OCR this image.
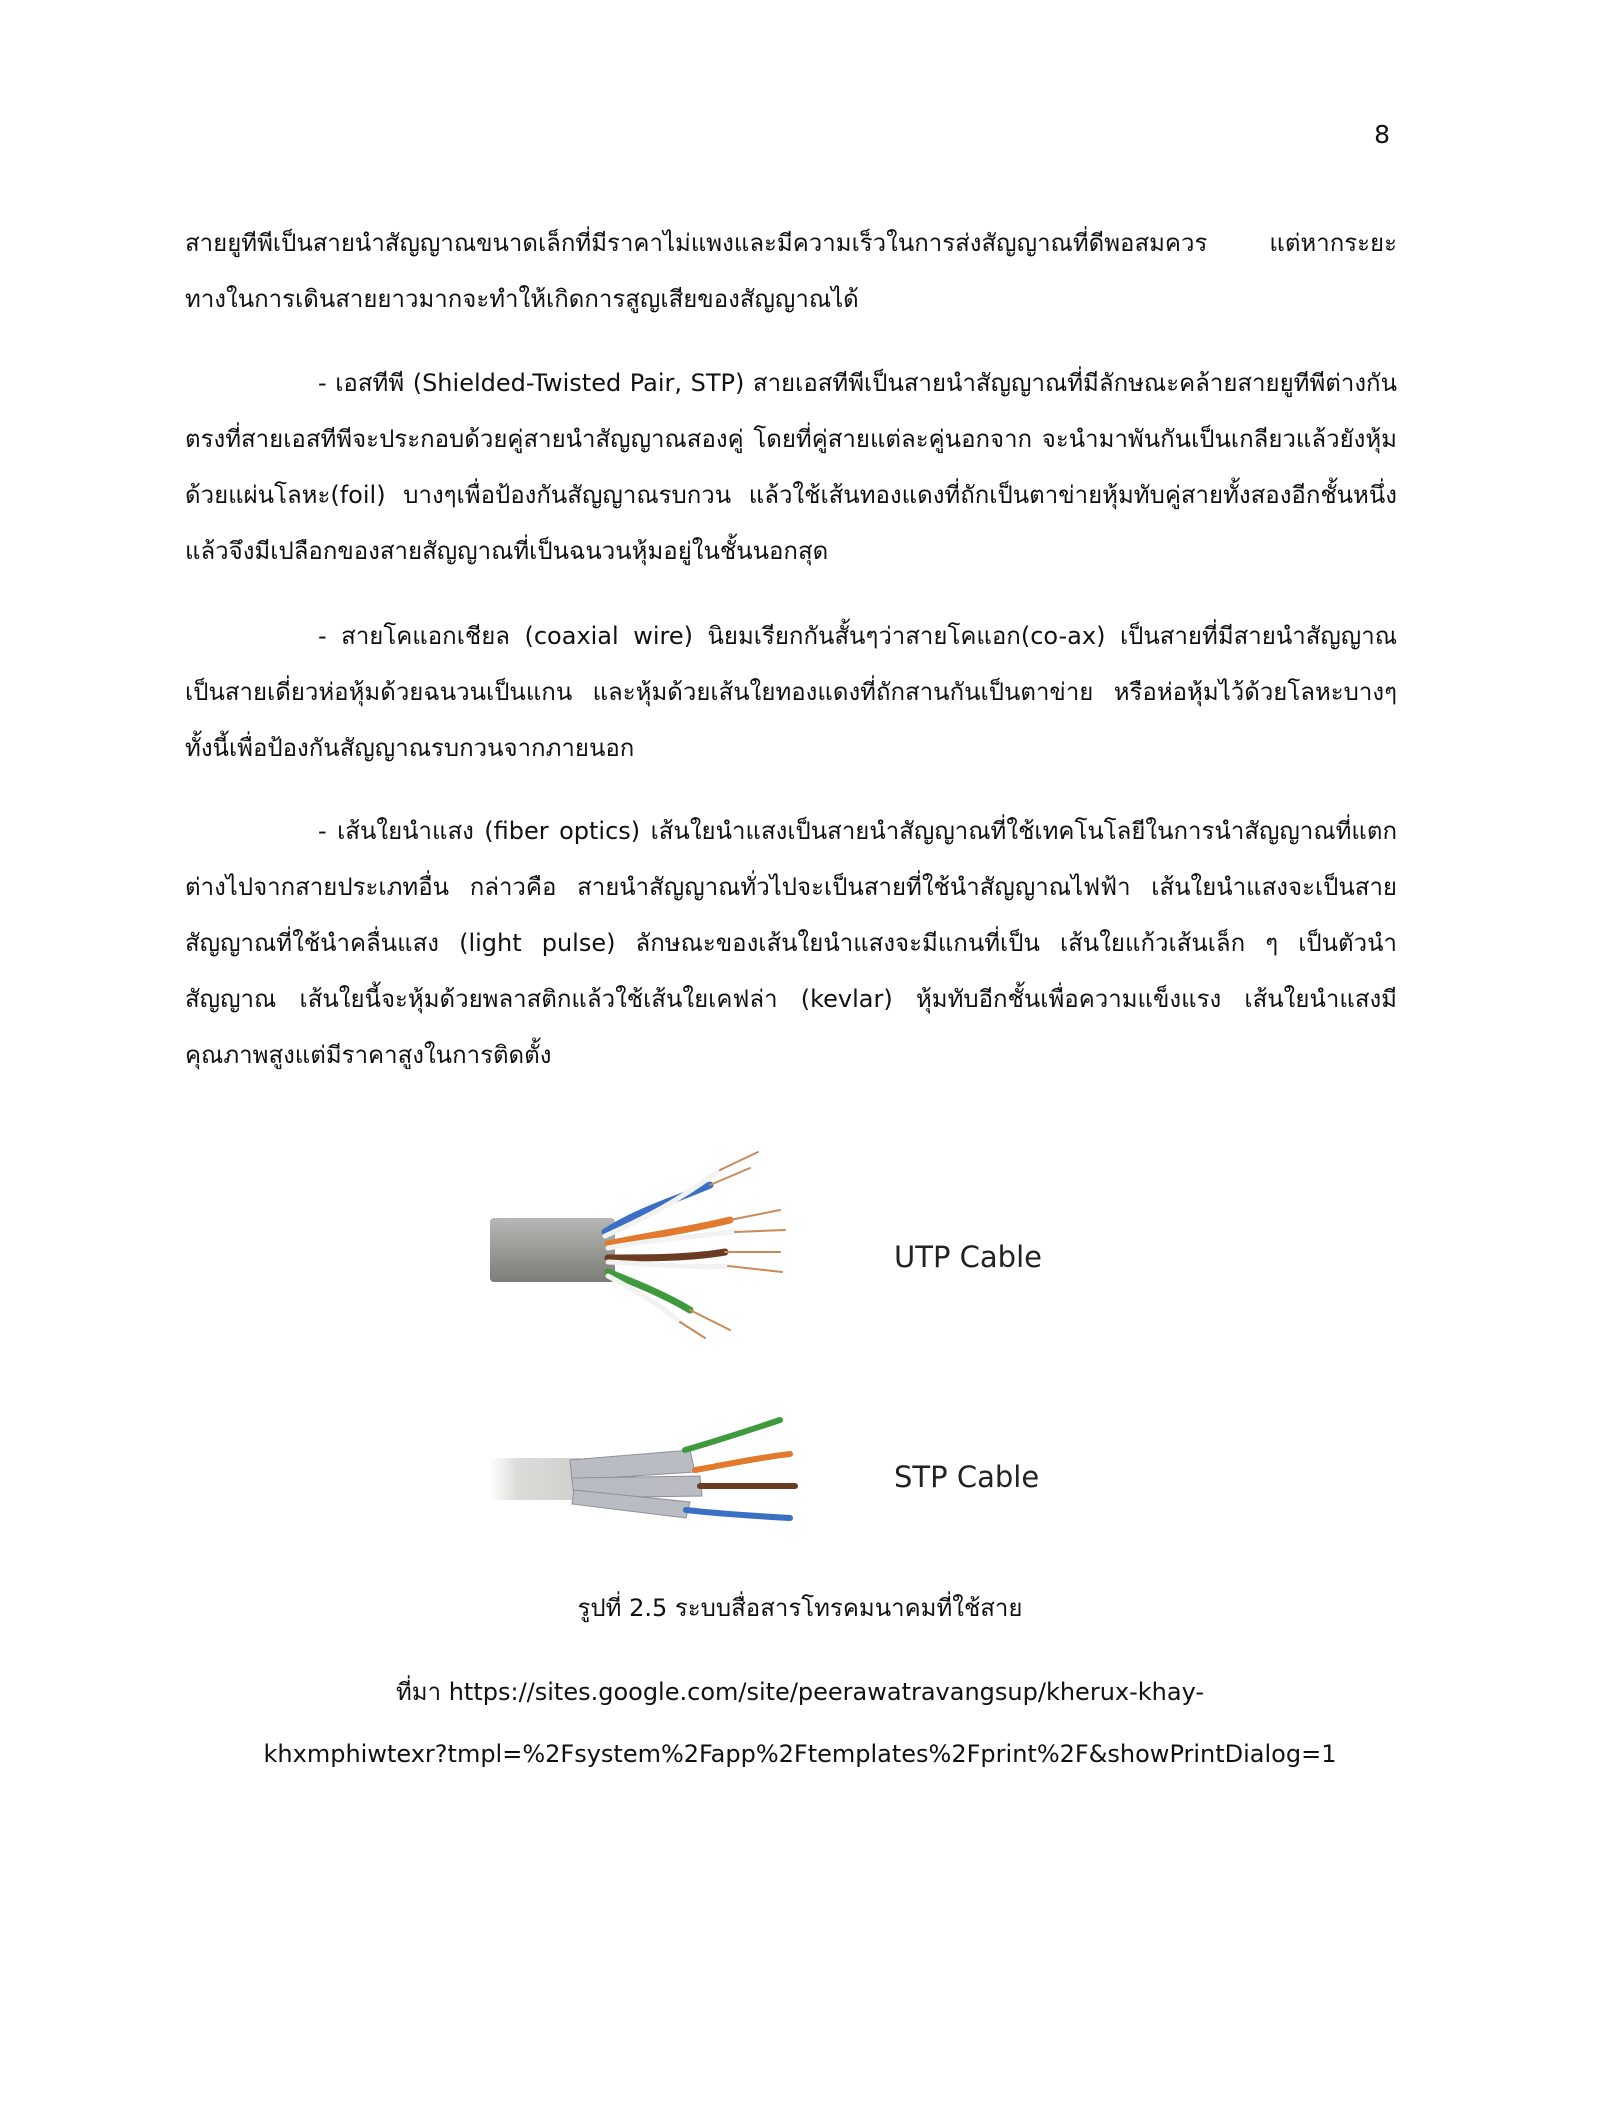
8

สายยูทีพีเป็นสายนำสัญญาณขนาดเล็กที่มีราคาไม่แพงและมีความเร็วในการส่งสัญญาณที่ดีพอสมควร แต่หากระยะทางในการเดินสายยาวมากจะทำให้เกิดการสูญเสียของสัญญาณได้

- เอสทีพี (Shielded-Twisted Pair, STP) สายเอสทีพีเป็นสายนำสัญญาณที่มีลักษณะคล้ายสายยูทีพีต่างกันตรงที่สายเอสทีพีจะประกอบด้วยคู่สายนำสัญญาณสองคู่ โดยที่คู่สายแต่ละคู่นอกจาก จะนำมาพันกันเป็นเกลียวแล้วยังหุ้มด้วยแผ่นโลหะ(foil) บางๆเพื่อป้องกันสัญญาณรบกวน แล้วใช้เส้นทองแดงที่ถักเป็นตาข่ายหุ้มทับคู่สายทั้งสองอีกชั้นหนึ่ง แล้วจึงมีเปลือกของสายสัญญาณที่เป็นฉนวนหุ้มอยู่ในชั้นนอกสุด

- สายโคแอกเชียล (coaxial wire) นิยมเรียกกันสั้นๆว่าสายโคแอก(co-ax) เป็นสายที่มีสายนำสัญญาณเป็นสายเดี่ยวห่อหุ้มด้วยฉนวนเป็นแกน และหุ้มด้วยเส้นใยทองแดงที่ถักสานกันเป็นตาข่าย หรือห่อหุ้มไว้ด้วยโลหะบางๆ ทั้งนี้เพื่อป้องกันสัญญาณรบกวนจากภายนอก

- เส้นใยนำแสง (fiber optics) เส้นใยนำแสงเป็นสายนำสัญญาณที่ใช้เทคโนโลยีในการนำสัญญาณที่แตกต่างไปจากสายประเภทอื่น กล่าวคือ สายนำสัญญาณทั่วไปจะเป็นสายที่ใช้นำสัญญาณไฟฟ้า เส้นใยนำแสงจะเป็นสายสัญญาณที่ใช้นำคลื่นแสง (light pulse) ลักษณะของเส้นใยนำแสงจะมีแกนที่เป็น เส้นใยแก้วเส้นเล็ก ๆ เป็นตัวนำสัญญาณ เส้นใยนี้จะหุ้มด้วยพลาสติกแล้วใช้เส้นใยเคฟล่า (kevlar) หุ้มทับอีกชั้นเพื่อความแข็งแรง เส้นใยนำแสงมีคุณภาพสูงแต่มีราคาสูงในการติดตั้ง

UTP Cable
STP Cable
รูปที่ 2.5 ระบบสื่อสารโทรคมนาคมที่ใช้สาย
ที่มา https://sites.google.com/site/peerawatravangsup/kherux-khay-
khxmphiwtexr?tmpl=%2Fsystem%2Fapp%2Ftemplates%2Fprint%2F&showPrintDialog=1
